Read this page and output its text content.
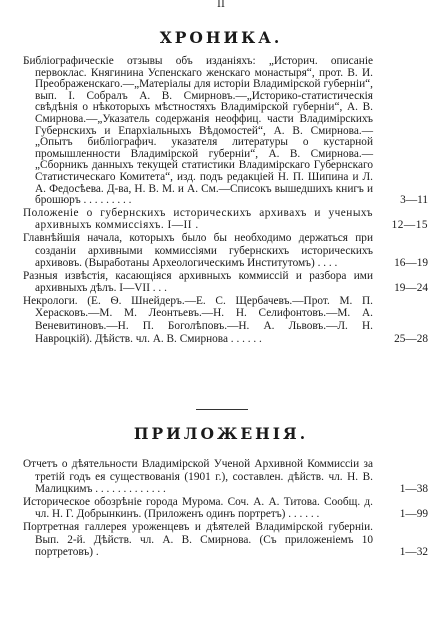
II
ХРОНИКА.
Библіографическіе отзывы объ изданіяхъ: „Историч. описаніе первоклас. Княгинина Успенскаго женскаго монастыря“, прот. В. И. Преображенскаго.—„Матеріалы для исторіи Владимірской губерніи“, вып. I. Собралъ А. В. Смирновъ.—„Историко-статистическія свѣдѣнія о нѣкоторыхъ мѣстностяхъ Владимірской губерніи“, А. В. Смирнова.—„Указатель содержанія неоффиц. части Владимірскихъ Губернскихъ и Епархіальныхъ Вѣдомостей“, А. В. Смирнова.—„Опытъ библіографич. указателя литературы о кустарной промышленности Владимірской губерніи“, А. В. Смирнова.—„Сборникъ данныхъ текущей статистики Владимірскаго Губернскаго Статистическаго Комитета“, изд. подъ редакціей Н. П. Шипина и Л. А. Федосѣева. Д-ва, Н. В. М. и А. См.—Списокъ вышедшихъ книгъ и брошюръ . . . . . . . . .	3—11
Положеніе о губернскихъ историческихъ архивахъ и ученыхъ архивныхъ коммиссіяхъ. I—II .	12—15
Главнѣйшія начала, которыхъ было бы необходимо держаться при созданіи архивными коммиссіями губернскихъ историческихъ архивовъ. (Выработаны Археологическимъ Институтомъ) . . . .	16—19
Разныя извѣстія, касающіяся архивныхъ коммиссій и разбора ими архивныхъ дѣлъ. I—VII . . .	19—24
Некрологи. (Е. Ѳ. Шнейдеръ.—Е. С. Щербачевъ.—Прот. М. П. Херасковъ.—М. М. Леонтьевъ.—Н. Н. Селифонтовъ.—М. А. Веневитиновъ.—Н. П. Боголѣповъ.—Н. А. Львовъ.—Л. Н. Навроцкій). Дѣйств. чл. А. В. Смирнова . . . . . .	25—28
ПРИЛОЖЕНІЯ.
Отчетъ о дѣятельности Владимірской Ученой Архивной Коммиссіи за третій годъ ея существованія (1901 г.), составлен. дѣйств. чл. Н. В. Малицкимъ . . . . . . . . . . . . .	1—38
Историческое обозрѣніе города Мурома. Соч. А. А. Титова. Сообщ. д. чл. Н. Г. Добрынкинъ. (Приложенъ одинъ портретъ) . . . . . .	1—99
Портретная галлерея уроженцевъ и дѣятелей Владимірской губерніи. Вып. 2-й. Дѣйств. чл. А. В. Смирнова. (Съ приложеніемъ 10 портретовъ) .	1—32
